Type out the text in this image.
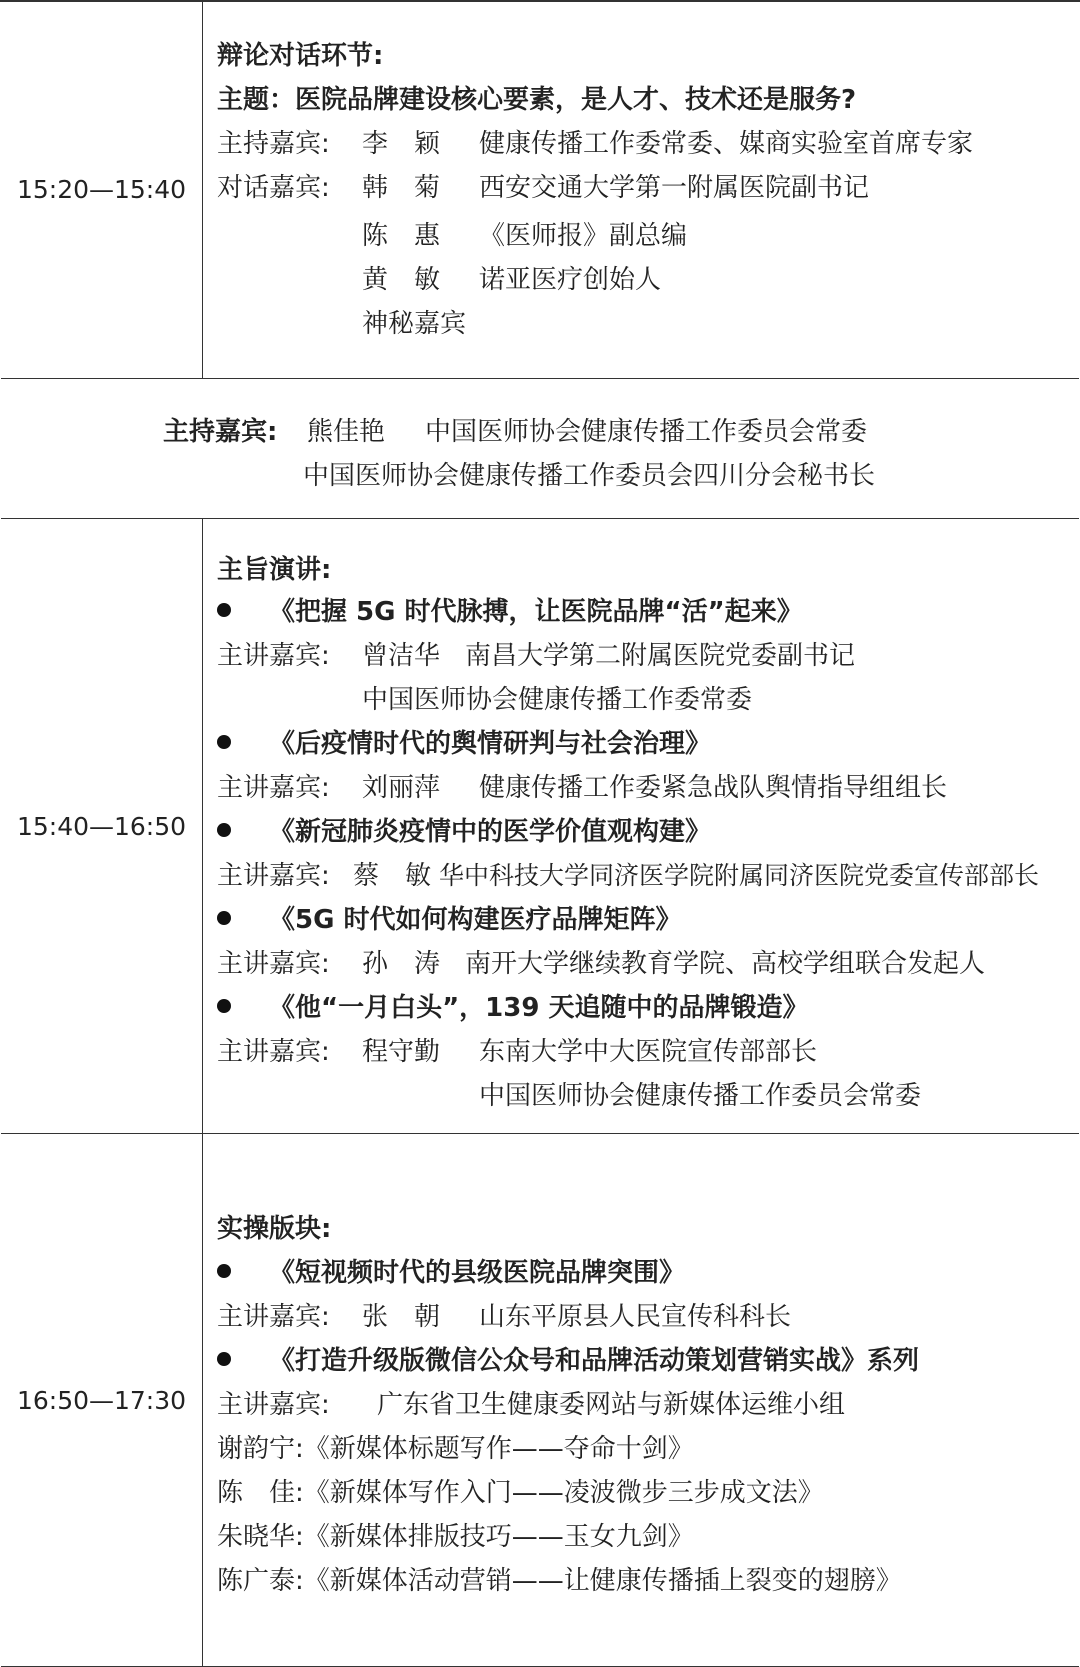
15:20—15:40
辩论对话环节:
主题：医院品牌建设核心要素，是人才、技术还是服务?
主持嘉宾: 李　颖 健康传播工作委常委、媒商实验室首席专家
对话嘉宾: 韩　菊 西安交通大学第一附属医院副书记
陈　惠 《医师报》副总编
黄　敏 诺亚医疗创始人
神秘嘉宾
主持嘉宾: 熊佳艳 中国医师协会健康传播工作委员会常委
中国医师协会健康传播工作委员会四川分会秘书长
15:40—16:50
主旨演讲:
《把握 5G 时代脉搏，让医院品牌“活”起来》
主讲嘉宾: 曾洁华 南昌大学第二附属医院党委副书记
中国医师协会健康传播工作委常委
《后疫情时代的舆情研判与社会治理》
主讲嘉宾: 刘丽萍 健康传播工作委紧急战队舆情指导组组长
《新冠肺炎疫情中的医学价值观构建》
主讲嘉宾: 蔡　敏 华中科技大学同济医学院附属同济医院党委宣传部部长
《5G 时代如何构建医疗品牌矩阵》
主讲嘉宾: 孙　涛 南开大学继续教育学院、高校学组联合发起人
《他“一月白头”，139 天追随中的品牌锻造》
主讲嘉宾: 程守勤 东南大学中大医院宣传部部长
中国医师协会健康传播工作委员会常委
16:50—17:30
实操版块:
《短视频时代的县级医院品牌突围》
主讲嘉宾: 张　朝 山东平原县人民宣传科科长
《打造升级版微信公众号和品牌活动策划营销实战》系列
主讲嘉宾: 广东省卫生健康委网站与新媒体运维小组
谢韵宁:《新媒体标题写作——夺命十剑》
陈　佳:《新媒体写作入门——凌波微步三步成文法》
朱晓华:《新媒体排版技巧——玉女九剑》
陈广泰:《新媒体活动营销——让健康传播插上裂变的翅膀》
